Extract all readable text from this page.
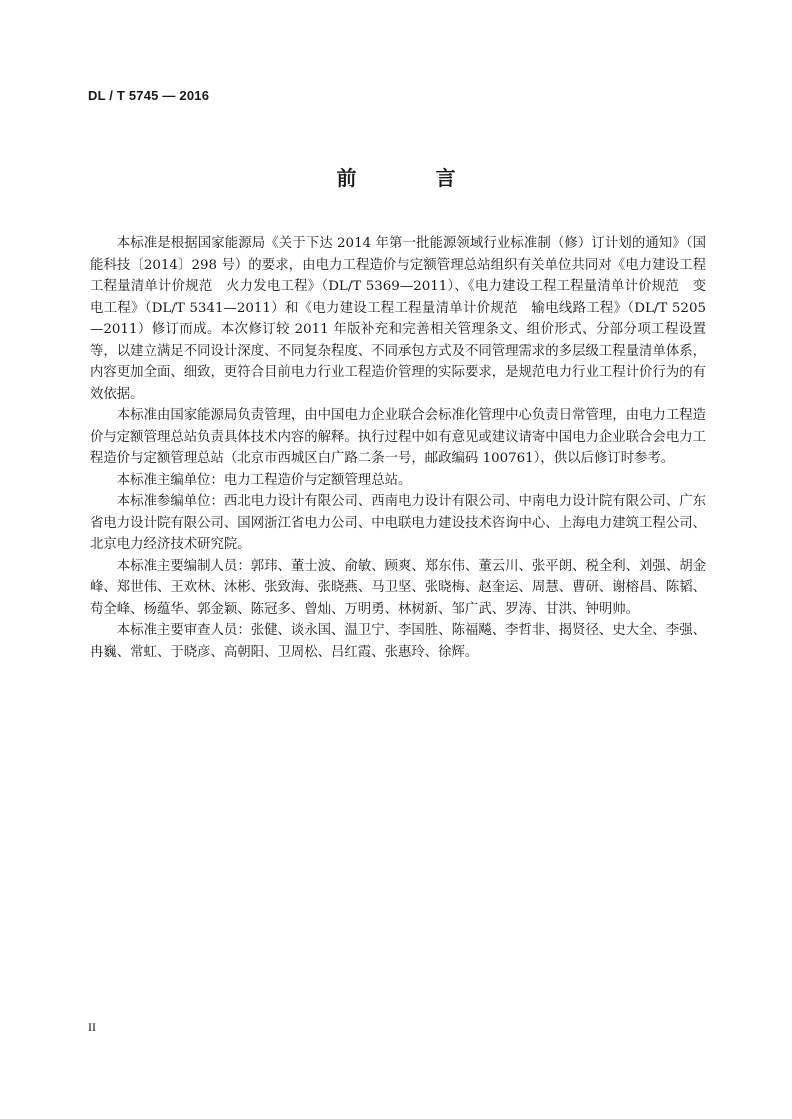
DL / T 5745 — 2016
前 言

本标准是根据国家能源局《关于下达 2014 年第一批能源领域行业标准制（修）订计划的通知》（国能科技〔2014〕298 号）的要求，由电力工程造价与定额管理总站组织有关单位共同对《电力建设工程工程量清单计价规范　火力发电工程》（DL/T 5369—2011）、《电力建设工程工程量清单计价规范　变电工程》（DL/T 5341—2011）和《电力建设工程工程量清单计价规范　输电线路工程》（DL/T 5205—2011）修订而成。本次修订较 2011 年版补充和完善相关管理条文、组价形式、分部分项工程设置等，以建立满足不同设计深度、不同复杂程度、不同承包方式及不同管理需求的多层级工程量清单体系，内容更加全面、细致，更符合目前电力行业工程造价管理的实际要求，是规范电力行业工程计价行为的有效依据。

本标准由国家能源局负责管理，由中国电力企业联合会标准化管理中心负责日常管理，由电力工程造价与定额管理总站负责具体技术内容的解释。执行过程中如有意见或建议请寄中国电力企业联合会电力工程造价与定额管理总站（北京市西城区白广路二条一号，邮政编码 100761），供以后修订时参考。

本标准主编单位：电力工程造价与定额管理总站。

本标准参编单位：西北电力设计有限公司、西南电力设计有限公司、中南电力设计院有限公司、广东省电力设计院有限公司、国网浙江省电力公司、中电联电力建设技术咨询中心、上海电力建筑工程公司、北京电力经济技术研究院。

本标准主要编制人员：郭玮、董士波、俞敏、顾爽、郑东伟、董云川、张平朗、税全利、刘强、胡金峰、郑世伟、王欢林、沐彬、张致海、张晓燕、马卫坚、张晓梅、赵奎运、周慧、曹研、谢榕昌、陈韬、苟全峰、杨蕴华、郭金颖、陈冠多、曾灿、万明勇、林树新、邹广武、罗涛、甘洪、钟明帅。

本标准主要审查人员：张健、谈永国、温卫宁、李国胜、陈福飚、李哲非、揭贤径、史大全、李强、冉巍、常虹、于晓彦、高朝阳、卫周松、吕红霞、张惠玲、徐辉。

II
